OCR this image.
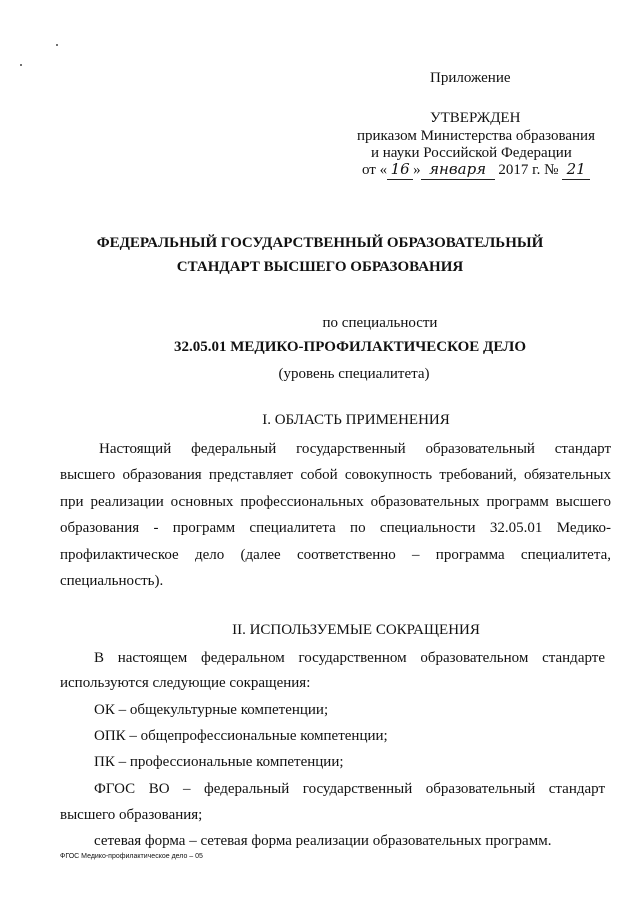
Приложение
УТВЕРЖДЕН
приказом Министерства образования
и науки Российской Федерации
от « 16 » января 2017 г. № 21
ФЕДЕРАЛЬНЫЙ ГОСУДАРСТВЕННЫЙ ОБРАЗОВАТЕЛЬНЫЙ
СТАНДАРТ ВЫСШЕГО ОБРАЗОВАНИЯ
по специальности
32.05.01 МЕДИКО-ПРОФИЛАКТИЧЕСКОЕ ДЕЛО
(уровень специалитета)
I. ОБЛАСТЬ ПРИМЕНЕНИЯ
Настоящий федеральный государственный образовательный стандарт
высшего образования представляет собой совокупность требований, обязательных
при реализации основных профессиональных образовательных программ высшего
образования - программ специалитета по специальности 32.05.01 Медико-
профилактическое дело (далее соответственно – программа специалитета,
специальность).
II. ИСПОЛЬЗУЕМЫЕ СОКРАЩЕНИЯ
В настоящем федеральном государственном образовательном стандарте
используются следующие сокращения:
ОК – общекультурные компетенции;
ОПК – общепрофессиональные компетенции;
ПК – профессиональные компетенции;
ФГОС ВО – федеральный государственный образовательный стандарт
высшего образования;
сетевая форма – сетевая форма реализации образовательных программ.
ФГОС Медико-профилактическое дело – 05
